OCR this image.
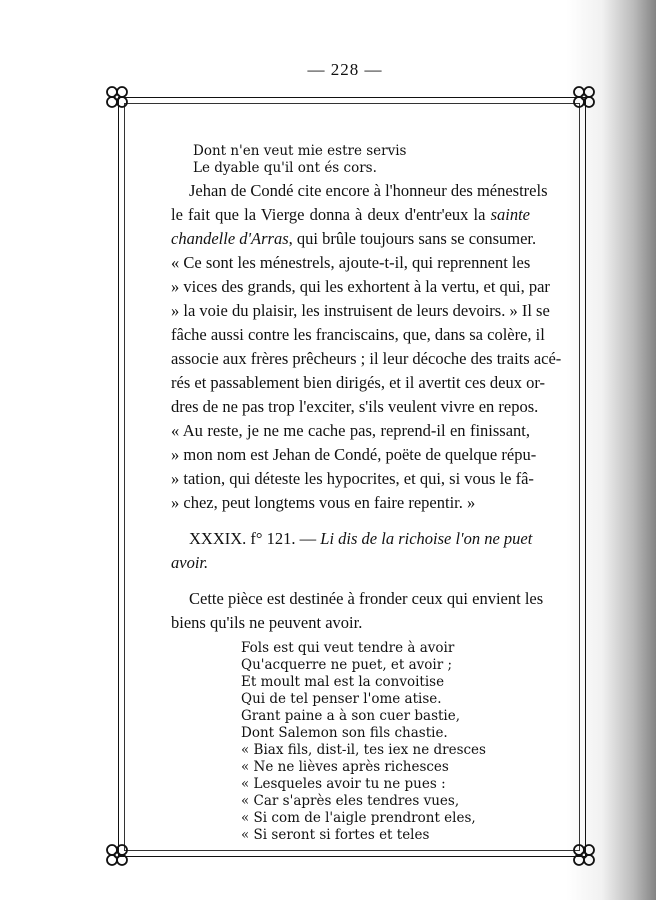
— 228 —
Dont n'en veut mie estre servis
Le dyable qu'il ont és cors.
Jehan de Condé cite encore à l'honneur des ménestrels
le fait que la Vierge donna à deux d'entr'eux la sainte
chandelle d'Arras, qui brûle toujours sans se consumer.
« Ce sont les ménestrels, ajoute-t-il, qui reprennent les
» vices des grands, qui les exhortent à la vertu, et qui, par
» la voie du plaisir, les instruisent de leurs devoirs. » Il se
fâche aussi contre les franciscains, que, dans sa colère, il
associe aux frères prêcheurs ; il leur décoche des traits acé-
rés et passablement bien dirigés, et il avertit ces deux or-
dres de ne pas trop l'exciter, s'ils veulent vivre en repos.
« Au reste, je ne me cache pas, reprend-il en finissant,
» mon nom est Jehan de Condé, poëte de quelque répu-
» tation, qui déteste les hypocrites, et qui, si vous le fâ-
» chez, peut longtems vous en faire repentir. »
XXXIX. f° 121. — Li dis de la richoise l'on ne puet
avoir.
Cette pièce est destinée à fronder ceux qui envient les
biens qu'ils ne peuvent avoir.
Fols est qui veut tendre à avoir
Qu'acquerre ne puet, et avoir ;
Et moult mal est la convoitise
Qui de tel penser l'ome atise.
Grant paine a à son cuer bastie,
Dont Salemon son fils chastie.
« Biax fils, dist-il, tes iex ne dresces
« Ne ne lièves après richesces
« Lesqueles avoir tu ne pues :
« Car s'après eles tendres vues,
« Si com de l'aigle prendront eles,
« Si seront si fortes et teles
